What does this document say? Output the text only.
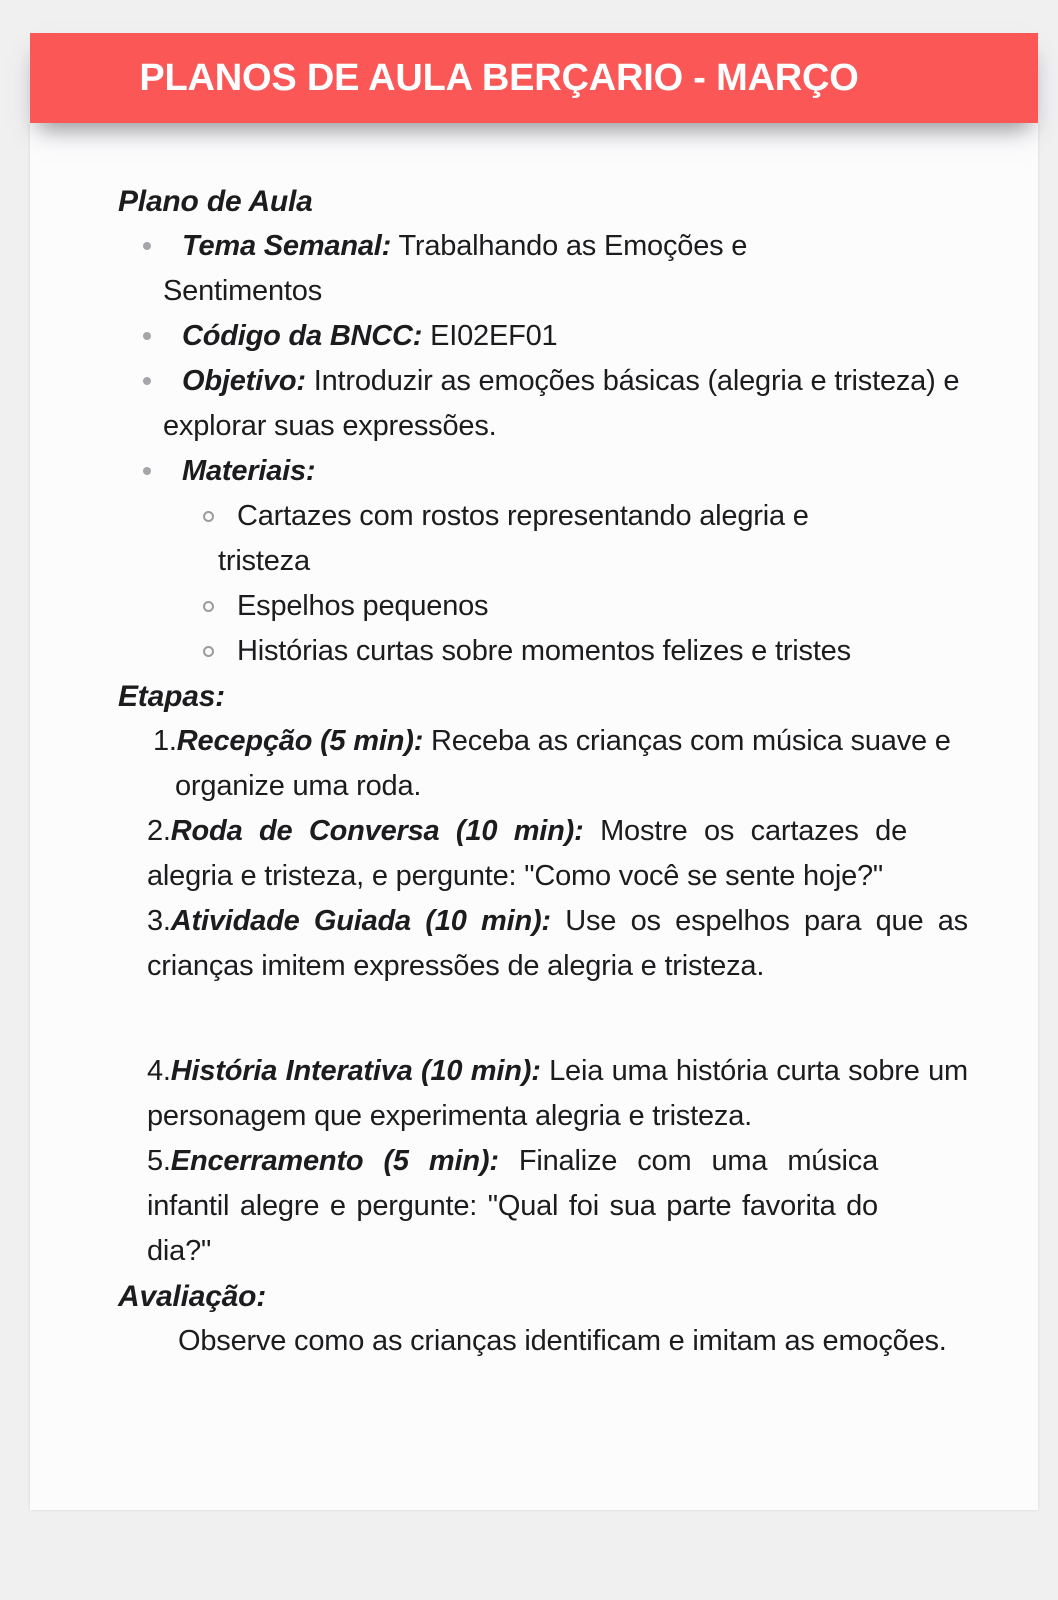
PLANOS DE AULA BERÇARIO - MARÇO
Plano de Aula
Tema Semanal: Trabalhando as Emoções e Sentimentos
Código da BNCC: EI02EF01
Objetivo: Introduzir as emoções básicas (alegria e tristeza) e explorar suas expressões.
Materiais:
Cartazes com rostos representando alegria e tristeza
Espelhos pequenos
Histórias curtas sobre momentos felizes e tristes
Etapas:
1.Recepção (5 min): Receba as crianças com música suave e organize uma roda.
2.Roda de Conversa (10 min): Mostre os cartazes de alegria e tristeza, e pergunte: "Como você se sente hoje?"
3.Atividade Guiada (10 min): Use os espelhos para que as crianças imitem expressões de alegria e tristeza.
4.História Interativa (10 min): Leia uma história curta sobre um personagem que experimenta alegria e tristeza.
5.Encerramento (5 min): Finalize com uma música infantil alegre e pergunte: "Qual foi sua parte favorita do dia?"
Avaliação:

Observe como as crianças identificam e imitam as emoções.
